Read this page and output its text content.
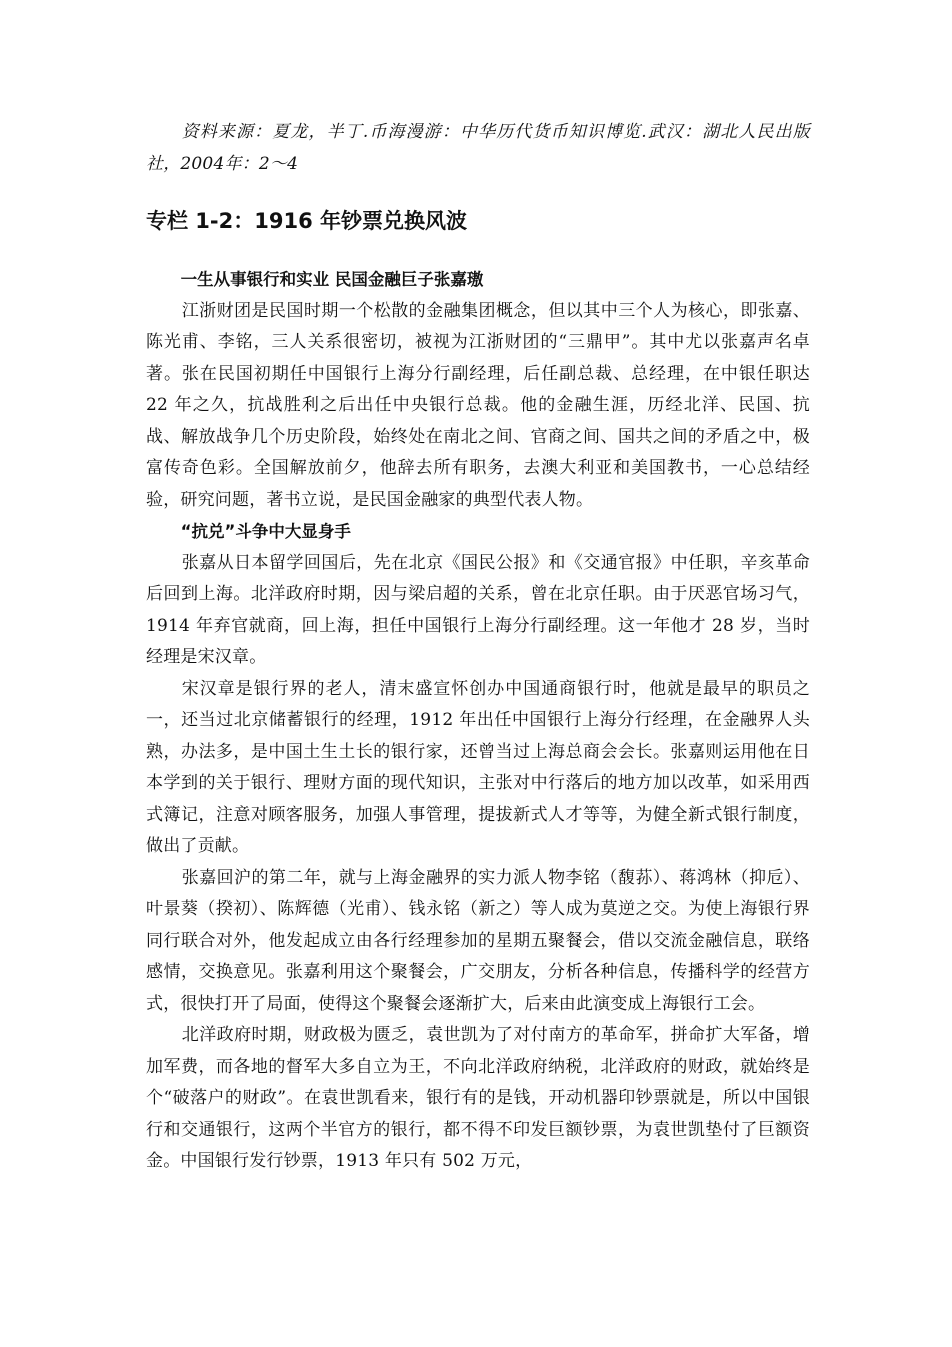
资料来源：夏龙，半丁.币海漫游：中华历代货币知识博览.武汉：湖北人民出版社，2004年：2～4

专栏 1-2：1916 年钞票兑换风波

一生从事银行和实业 民国金融巨子张嘉璈

江浙财团是民国时期一个松散的金融集团概念，但以其中三个人为核心，即张嘉、陈光甫、李铭，三人关系很密切，被视为江浙财团的“三鼎甲”。其中尤以张嘉声名卓著。张在民国初期任中国银行上海分行副经理，后任副总裁、总经理，在中银任职达 22 年之久，抗战胜利之后出任中央银行总裁。他的金融生涯，历经北洋、民国、抗战、解放战争几个历史阶段，始终处在南北之间、官商之间、国共之间的矛盾之中，极富传奇色彩。全国解放前夕，他辞去所有职务，去澳大利亚和美国教书，一心总结经验，研究问题，著书立说，是民国金融家的典型代表人物。

“抗兑”斗争中大显身手

张嘉从日本留学回国后，先在北京《国民公报》和《交通官报》中任职，辛亥革命后回到上海。北洋政府时期，因与梁启超的关系，曾在北京任职。由于厌恶官场习气，1914 年弃官就商，回上海，担任中国银行上海分行副经理。这一年他才 28 岁，当时经理是宋汉章。

宋汉章是银行界的老人，清末盛宣怀创办中国通商银行时，他就是最早的职员之一，还当过北京储蓄银行的经理，1912 年出任中国银行上海分行经理，在金融界人头熟，办法多，是中国土生土长的银行家，还曾当过上海总商会会长。张嘉则运用他在日本学到的关于银行、理财方面的现代知识，主张对中行落后的地方加以改革，如采用西式簿记，注意对顾客服务，加强人事管理，提拔新式人才等等，为健全新式银行制度，做出了贡献。

张嘉回沪的第二年，就与上海金融界的实力派人物李铭（馥荪）、蒋鸿林（抑卮）、叶景葵（揆初）、陈辉德（光甫）、钱永铭（新之）等人成为莫逆之交。为使上海银行界同行联合对外，他发起成立由各行经理参加的星期五聚餐会，借以交流金融信息，联络感情，交换意见。张嘉利用这个聚餐会，广交朋友，分析各种信息，传播科学的经营方式，很快打开了局面，使得这个聚餐会逐渐扩大，后来由此演变成上海银行工会。

北洋政府时期，财政极为匮乏，袁世凯为了对付南方的革命军，拼命扩大军备，增加军费，而各地的督军大多自立为王，不向北洋政府纳税，北洋政府的财政，就始终是个“破落户的财政”。在袁世凯看来，银行有的是钱，开动机器印钞票就是，所以中国银行和交通银行，这两个半官方的银行，都不得不印发巨额钞票，为袁世凯垫付了巨额资金。中国银行发行钞票，1913 年只有 502 万元，
